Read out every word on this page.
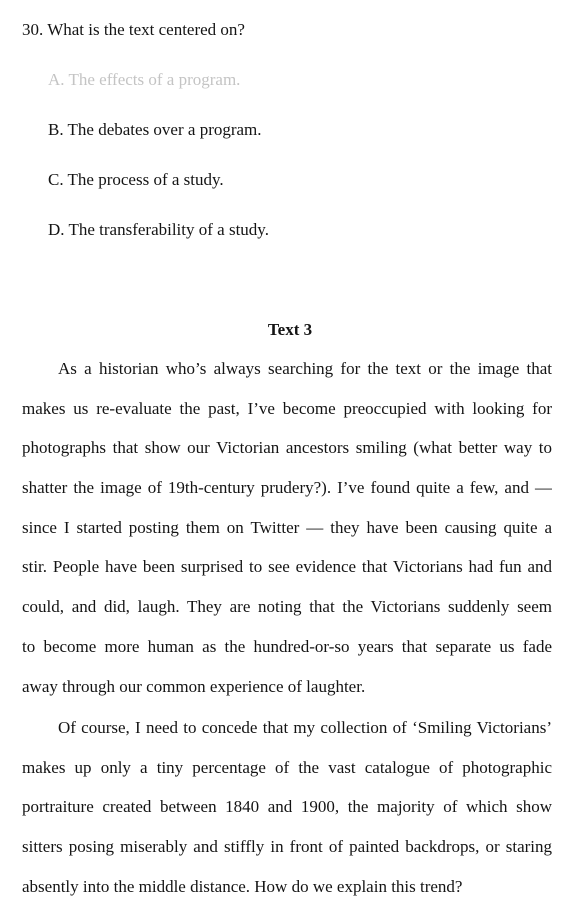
30. What is the text centered on?
A. The effects of a program.
B. The debates over a program.
C. The process of a study.
D. The transferability of a study.
Text 3
As a historian who’s always searching for the text or the image that
makes us re-evaluate the past, I’ve become preoccupied with looking for
photographs that show our Victorian ancestors smiling (what better way to
shatter the image of 19th-century prudery?). I’ve found quite a few, and —
since I started posting them on Twitter — they have been causing quite a
stir. People have been surprised to see evidence that Victorians had fun and
could, and did, laugh. They are noting that the Victorians suddenly seem
to become more human as the hundred-or-so years that separate us fade
away through our common experience of laughter.
Of course, I need to concede that my collection of ‘Smiling Victorians’
makes up only a tiny percentage of the vast catalogue of photographic
portraiture created between 1840 and 1900, the majority of which show
sitters posing miserably and stiffly in front of painted backdrops, or staring
absently into the middle distance. How do we explain this trend?
